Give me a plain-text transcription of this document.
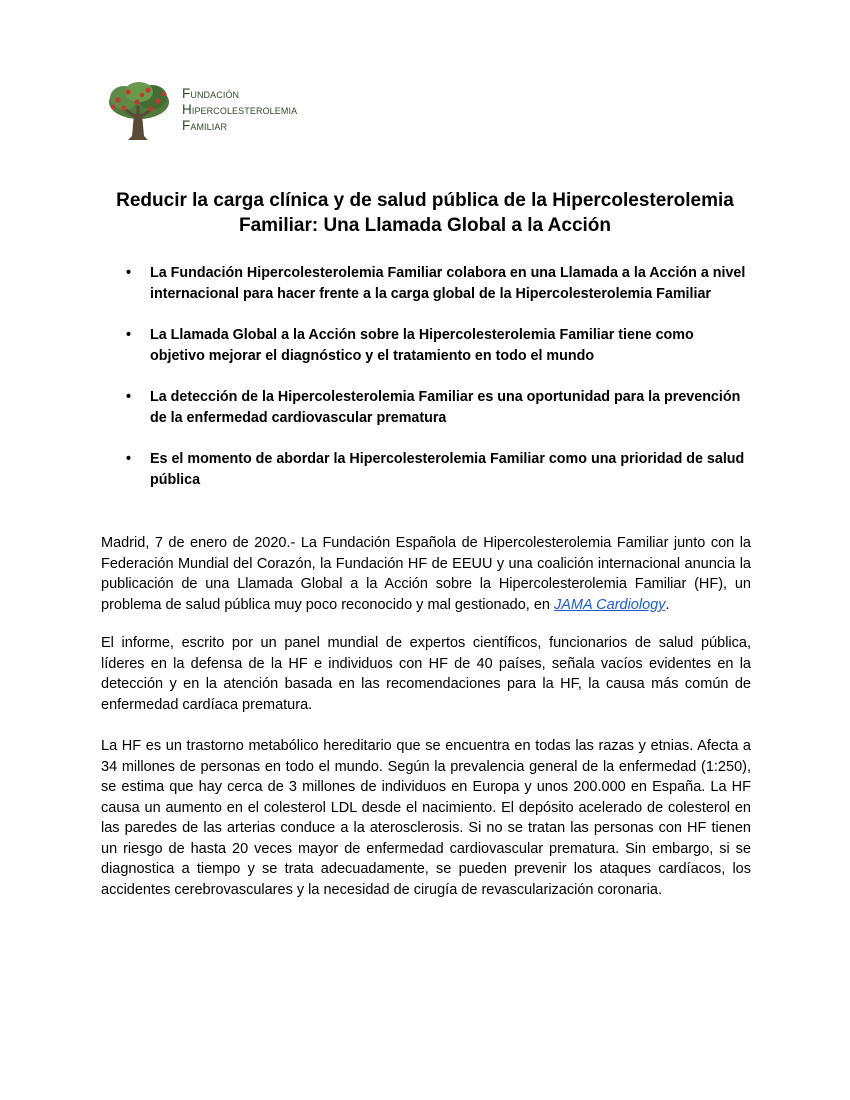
Fundación
Hipercolesterolemia
Familiar
Reducir la carga clínica y de salud pública de la Hipercolesterolemia Familiar: Una Llamada Global a la Acción
• La Fundación Hipercolesterolemia Familiar colabora en una Llamada a la Acción a nivel internacional para hacer frente a la carga global de la Hipercolesterolemia Familiar
• La Llamada Global a la Acción sobre la Hipercolesterolemia Familiar tiene como objetivo mejorar el diagnóstico y el tratamiento en todo el mundo
• La detección de la Hipercolesterolemia Familiar es una oportunidad para la prevención de la enfermedad cardiovascular prematura
• Es el momento de abordar la Hipercolesterolemia Familiar como una prioridad de salud pública
Madrid, 7 de enero de 2020.- La Fundación Española de Hipercolesterolemia Familiar junto con la Federación Mundial del Corazón, la Fundación HF de EEUU y una coalición internacional anuncia la publicación de una Llamada Global a la Acción sobre la Hipercolesterolemia Familiar (HF), un problema de salud pública muy poco reconocido y mal gestionado, en JAMA Cardiology.
El informe, escrito por un panel mundial de expertos científicos, funcionarios de salud pública, líderes en la defensa de la HF e individuos con HF de 40 países, señala vacíos evidentes en la detección y en la atención basada en las recomendaciones para la HF, la causa más común de enfermedad cardíaca prematura.
La HF es un trastorno metabólico hereditario que se encuentra en todas las razas y etnias. Afecta a 34 millones de personas en todo el mundo. Según la prevalencia general de la enfermedad (1:250), se estima que hay cerca de 3 millones de individuos en Europa y unos 200.000 en España. La HF causa un aumento en el colesterol LDL desde el nacimiento. El depósito acelerado de colesterol en las paredes de las arterias conduce a la aterosclerosis. Si no se tratan las personas con HF tienen un riesgo de hasta 20 veces mayor de enfermedad cardiovascular prematura. Sin embargo, si se diagnostica a tiempo y se trata adecuadamente, se pueden prevenir los ataques cardíacos, los accidentes cerebrovasculares y la necesidad de cirugía de revascularización coronaria.
